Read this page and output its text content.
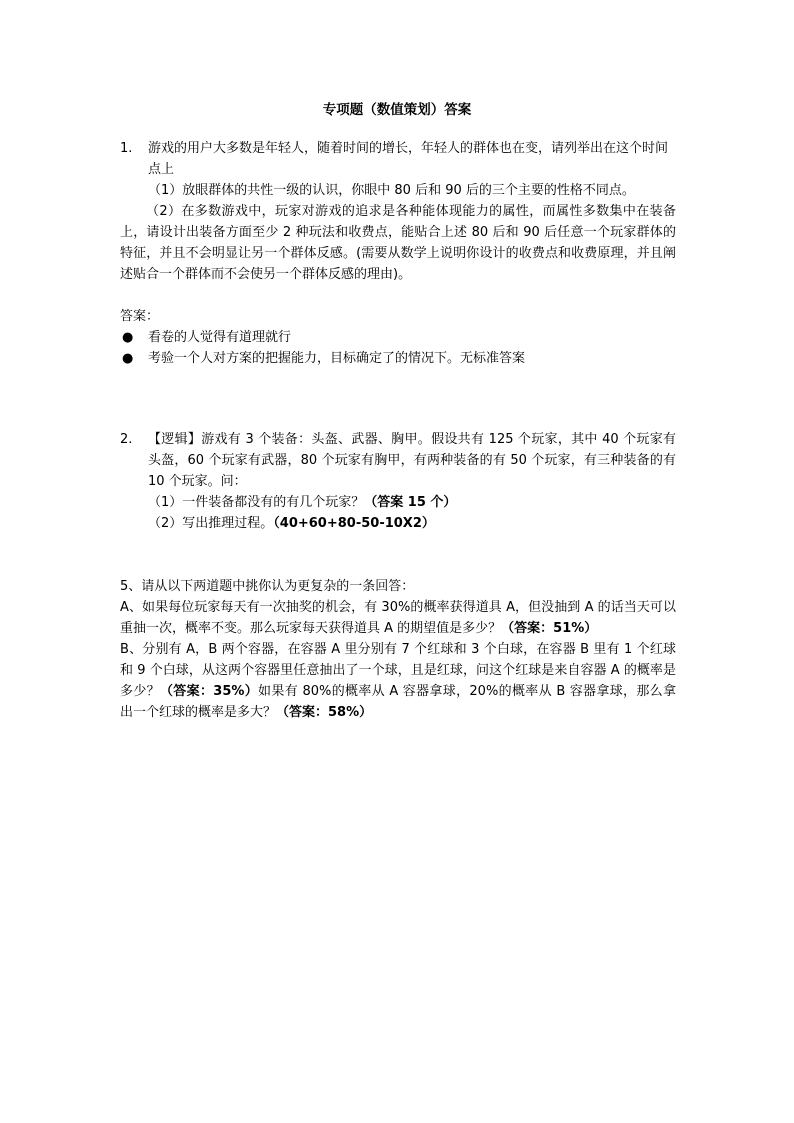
专项题（数值策划）答案
1. 游戏的用户大多数是年轻人，随着时间的增长，年轻人的群体也在变，请列举出在这个时间点上
（1）放眼群体的共性一级的认识，你眼中 80 后和 90 后的三个主要的性格不同点。
（2）在多数游戏中，玩家对游戏的追求是各种能体现能力的属性，而属性多数集中在装备上，请设计出装备方面至少 2 种玩法和收费点，能贴合上述 80 后和 90 后任意一个玩家群体的特征，并且不会明显让另一个群体反感。(需要从数学上说明你设计的收费点和收费原理，并且阐述贴合一个群体而不会使另一个群体反感的理由)。
答案：
● 看卷的人觉得有道理就行
● 考验一个人对方案的把握能力，目标确定了的情况下。无标准答案
2. 【逻辑】游戏有 3 个装备：头盔、武器、胸甲。假设共有 125 个玩家，其中 40 个玩家有头盔，60 个玩家有武器，80 个玩家有胸甲，有两种装备的有 50 个玩家，有三种装备的有 10 个玩家。问：
（1）一件装备都没有的有几个玩家？（答案 15 个）
（2）写出推理过程。（40+60+80-50-10X2）
5、请从以下两道题中挑你认为更复杂的一条回答：
A、如果每位玩家每天有一次抽奖的机会，有 30%的概率获得道具 A，但没抽到 A 的话当天可以重抽一次，概率不变。那么玩家每天获得道具 A 的期望值是多少？（答案：51%）
B、分别有 A，B 两个容器，在容器 A 里分别有 7 个红球和 3 个白球，在容器 B 里有 1 个红球和 9 个白球，从这两个容器里任意抽出了一个球，且是红球，问这个红球是来自容器 A 的概率是多少？（答案：35%）如果有 80%的概率从 A 容器拿球，20%的概率从 B 容器拿球，那么拿出一个红球的概率是多大？（答案：58%）
